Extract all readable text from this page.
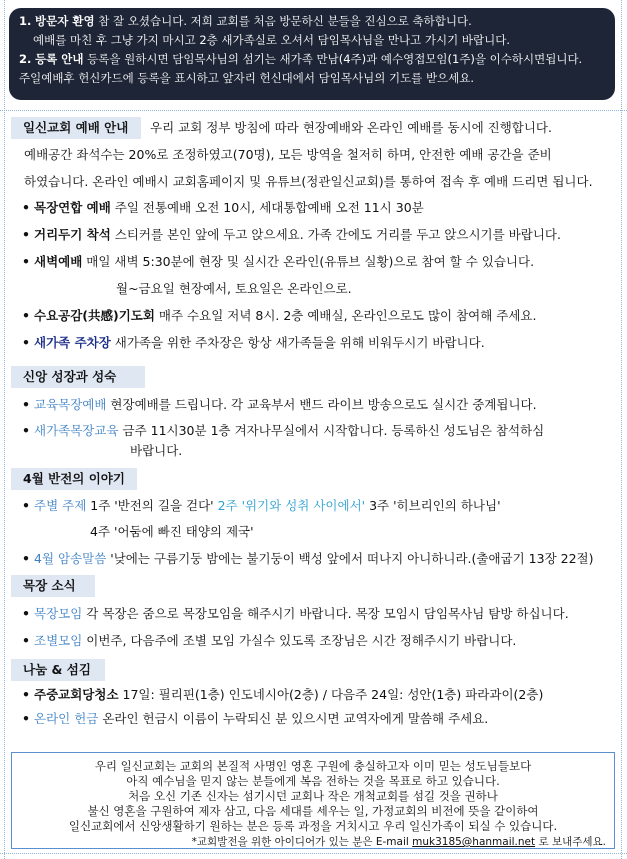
1. 방문자 환영 참 잘 오셨습니다. 저희 교회를 처음 방문하신 분들을 진심으로 축하합니다.
예배를 마친 후 그냥 가지 마시고 2층 새가족실로 오셔서 담임목사님을 만나고 가시기 바랍니다.
2. 등록 안내 등록을 원하시면 담임목사님의 섬기는 새가족 만남(4주)과 예수영접모임(1주)을 이수하시면됩니다.
주일예배후 헌신카드에 등록을 표시하고 앞자리 헌신대에서 담임목사님의 기도를 받으세요.
일신교회 예배 안내	우리 교회 정부 방침에 따라 현장예배와 온라인 예배를 동시에 진행합니다.
예배공간 좌석수는 20%로 조정하였고(70명), 모든 방역을 철저히 하며, 안전한 예배 공간을 준비
하였습니다. 온라인 예배시 교회홈페이지 및 유튜브(정관일신교회)를 통하여 접속 후 예배 드리면 됩니다.
• 목장연합 예배 주일 전통예배 오전 10시, 세대통합예배 오전 11시 30분
• 거리두기 착석 스티커를 본인 앞에 두고 앉으세요. 가족 간에도 거리를 두고 앉으시기를 바랍니다.
• 새벽예배 매일 새벽 5:30분에 현장 및 실시간 온라인(유튜브 실황)으로 참여 할 수 있습니다.
월~금요일 현장예서, 토요일은 온라인으로.
• 수요공감(共感)기도회 매주 수요일 저녁 8시. 2층 예배실, 온라인으로도 많이 참여해 주세요.
• 새가족 주차장 새가족을 위한 주차장은 항상 새가족들을 위해 비워두시기 바랍니다.
신앙 성장과 성숙
• 교육목장예배 현장예배를 드립니다. 각 교육부서 밴드 라이브 방송으로도 실시간 중계됩니다.
• 새가족목장교육 금주 11시30분 1층 겨자나무실에서 시작합니다. 등록하신 성도님은 참석하심
바랍니다.
4월 반전의 이야기
• 주별 주제 1주 '반전의 길을 걷다' 2주 '위기와 성취 사이에서' 3주 '히브리인의 하나님'
4주 '어둠에 빠진 태양의 제국'
• 4월 암송말씀 '낮에는 구름기둥 밤에는 불기둥이 백성 앞에서 떠나지 아니하니라.(출애굽기 13장 22절)
목장 소식
• 목장모임 각 목장은 줌으로 목장모임을 해주시기 바랍니다. 목장 모임시 담임목사님 탐방 하십니다.
• 조별모임 이번주, 다음주에 조별 모임 가실수 있도록 조장님은 시간 정해주시기 바랍니다.
나눔 & 섬김
• 주중교회당청소 17일: 필리핀(1층) 인도네시아(2층) / 다음주 24일: 성안(1층) 파라과이(2층)
• 온라인 헌금 온라인 헌금시 이름이 누락되신 분 있으시면 교역자에게 말씀해 주세요.
우리 일신교회는 교회의 본질적 사명인 영혼 구원에 충실하고자 이미 믿는 성도님들보다
아직 예수님을 믿지 않는 분들에게 복음 전하는 것을 목표로 하고 있습니다.
처음 오신 기존 신자는 섬기시던 교회나 작은 개척교회를 섬길 것을 권하나
불신 영혼을 구원하여 제자 삼고, 다음 세대를 세우는 일, 가정교회의 비전에 뜻을 같이하여
일신교회에서 신앙생활하기 원하는 분은 등록 과정을 거치시고 우리 일신가족이 되실 수 있습니다.
*교회발전을 위한 아이디어가 있는 분은 E-mail muk3185@hanmail.net 로 보내주세요.
